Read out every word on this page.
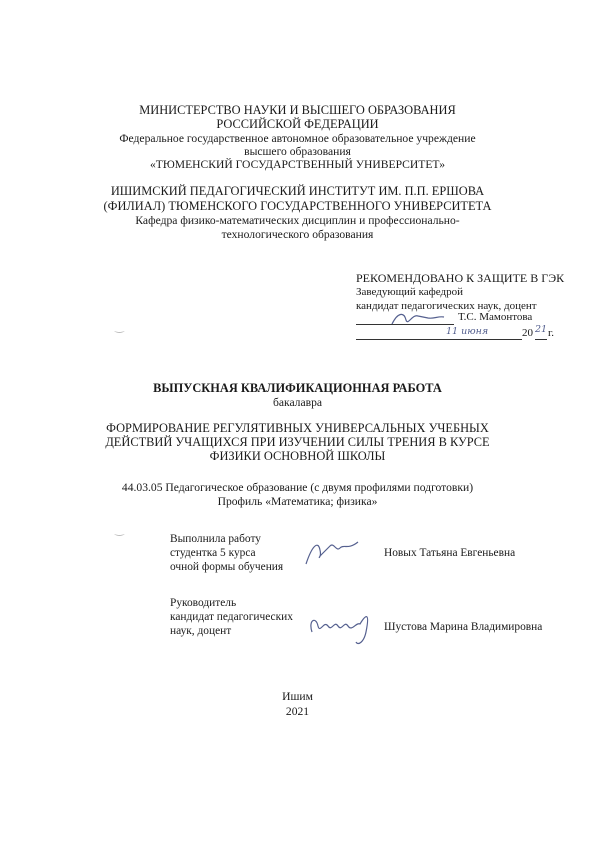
МИНИСТЕРСТВО НАУКИ И ВЫСШЕГО ОБРАЗОВАНИЯ
РОССИЙСКОЙ ФЕДЕРАЦИИ
Федеральное государственное автономное образовательное учреждение
высшего образования
«ТЮМЕНСКИЙ ГОСУДАРСТВЕННЫЙ УНИВЕРСИТЕТ»
ИШИМСКИЙ ПЕДАГОГИЧЕСКИЙ ИНСТИТУТ ИМ. П.П. ЕРШОВА
(ФИЛИАЛ) ТЮМЕНСКОГО ГОСУДАРСТВЕННОГО УНИВЕРСИТЕТА
Кафедра физико-математических дисциплин и профессионально-
технологического образования
РЕКОМЕНДОВАНО К ЗАЩИТЕ В ГЭК
Заведующий кафедрой
кандидат педагогических наук, доцент
Т.С. Мамонтова
11 июня	20 21 г.
ВЫПУСКНАЯ КВАЛИФИКАЦИОННАЯ РАБОТА
бакалавра
ФОРМИРОВАНИЕ РЕГУЛЯТИВНЫХ УНИВЕРСАЛЬНЫХ УЧЕБНЫХ
ДЕЙСТВИЙ УЧАЩИХСЯ ПРИ ИЗУЧЕНИИ СИЛЫ ТРЕНИЯ В КУРСЕ
ФИЗИКИ ОСНОВНОЙ ШКОЛЫ
44.03.05 Педагогическое образование (с двумя профилями подготовки)
Профиль «Математика; физика»
Выполнила работу
студентка 5 курса
очной формы обучения
Новых Татьяна Евгеньевна
Руководитель
кандидат педагогических
наук, доцент	Шустова Марина Владимировна
Ишим
2021
‿
‿
